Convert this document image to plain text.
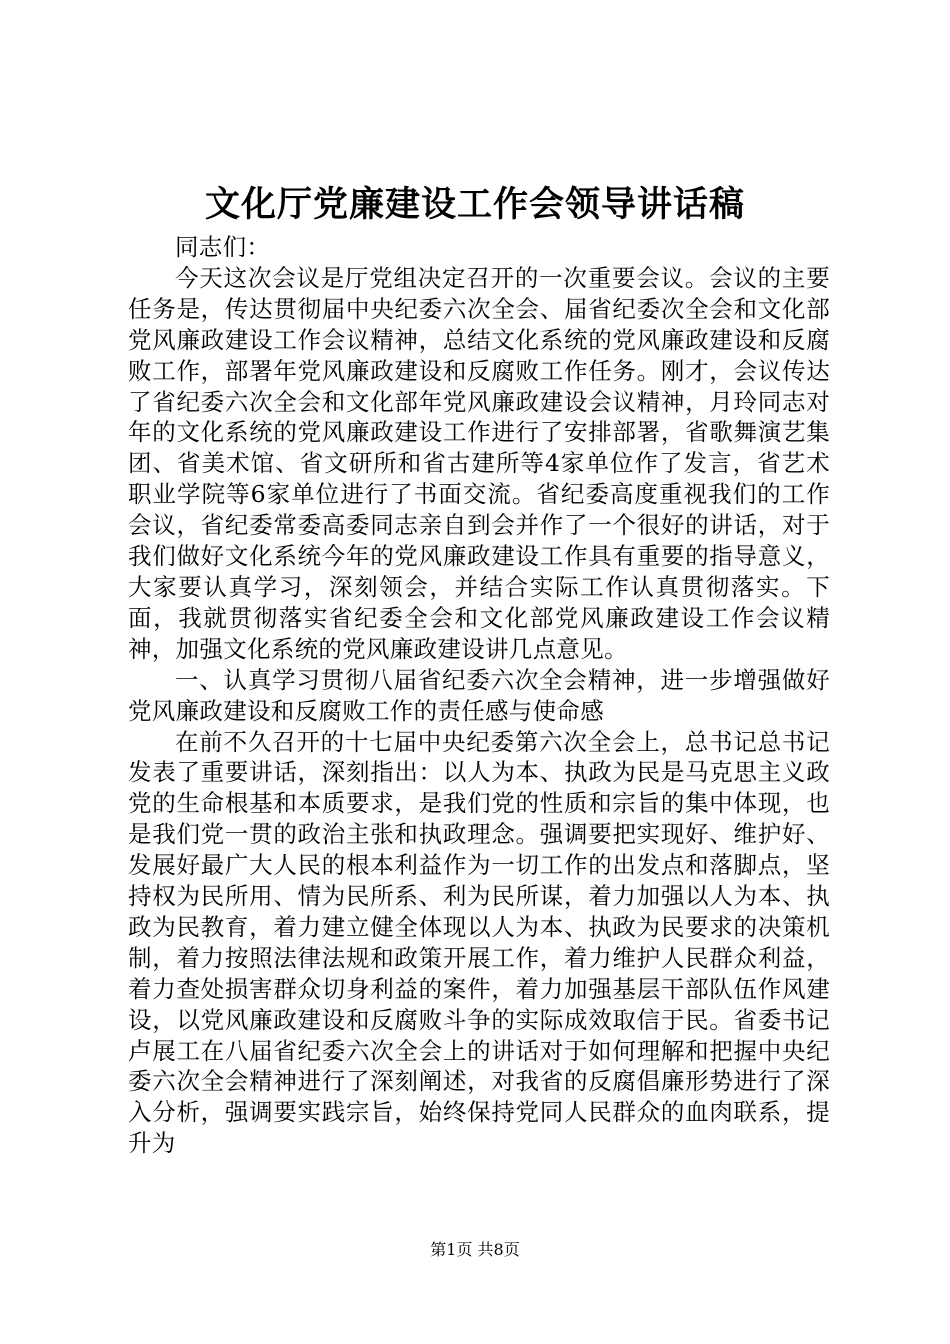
文化厅党廉建设工作会领导讲话稿

同志们：

今天这次会议是厅党组决定召开的一次重要会议。会议的主要任务是，传达贯彻届中央纪委六次全会、届省纪委次全会和文化部党风廉政建设工作会议精神，总结文化系统的党风廉政建设和反腐败工作，部署年党风廉政建设和反腐败工作任务。刚才，会议传达了省纪委六次全会和文化部年党风廉政建设会议精神，月玲同志对年的文化系统的党风廉政建设工作进行了安排部署，省歌舞演艺集团、省美术馆、省文研所和省古建所等4家单位作了发言，省艺术职业学院等6家单位进行了书面交流。省纪委高度重视我们的工作会议，省纪委常委高委同志亲自到会并作了一个很好的讲话，对于我们做好文化系统今年的党风廉政建设工作具有重要的指导意义，大家要认真学习，深刻领会，并结合实际工作认真贯彻落实。下面，我就贯彻落实省纪委全会和文化部党风廉政建设工作会议精神，加强文化系统的党风廉政建设讲几点意见。

一、认真学习贯彻八届省纪委六次全会精神，进一步增强做好党风廉政建设和反腐败工作的责任感与使命感

在前不久召开的十七届中央纪委第六次全会上，总书记总书记发表了重要讲话，深刻指出：以人为本、执政为民是马克思主义政党的生命根基和本质要求，是我们党的性质和宗旨的集中体现，也是我们党一贯的政治主张和执政理念。强调要把实现好、维护好、发展好最广大人民的根本利益作为一切工作的出发点和落脚点，坚持权为民所用、情为民所系、利为民所谋，着力加强以人为本、执政为民教育，着力建立健全体现以人为本、执政为民要求的决策机制，着力按照法律法规和政策开展工作，着力维护人民群众利益，着力查处损害群众切身利益的案件，着力加强基层干部队伍作风建设，以党风廉政建设和反腐败斗争的实际成效取信于民。省委书记卢展工在八届省纪委六次全会上的讲话对于如何理解和把握中央纪委六次全会精神进行了深刻阐述，对我省的反腐倡廉形势进行了深入分析，强调要实践宗旨，始终保持党同人民群众的血肉联系，提升为

第1页 共8页
